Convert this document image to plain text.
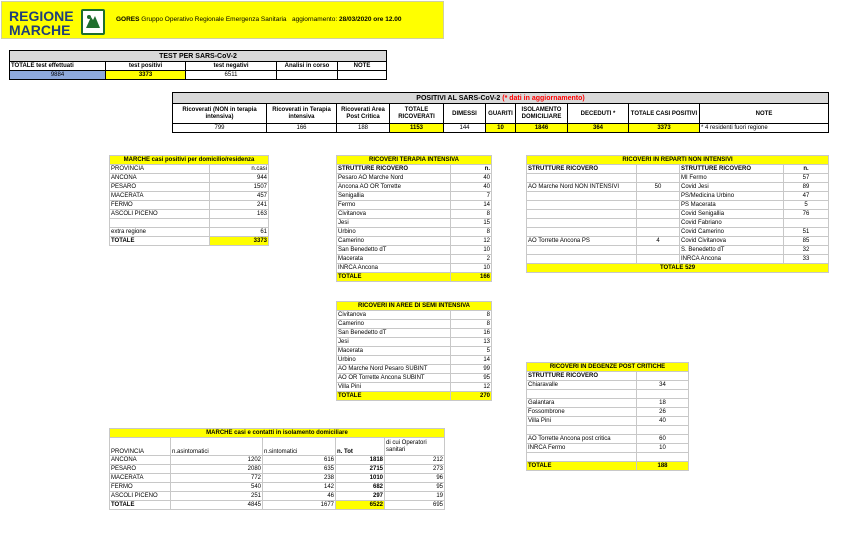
REGIONE
MARCHE
GORES Gruppo Operativo Regionale Emergenza Sanitaria aggiornamento: 28/03/2020 ore 12.00
TEST PER SARS-CoV-2				
TOTALE test effettuati	test positivi	test negativi	Analisi in corso	NOTE
9884	3373	6511		
POSITIVI AL SARS-CoV-2 (* dati in aggiornamento)									
Ricoverati (NON in terapia intensiva)	Ricoverati in Terapia intensiva	Ricoverati Area Post Critica	TOTALE RICOVERATI	DIMESSI	GUARITI	ISOLAMENTO DOMICILIARE	DECEDUTI *	TOTALE CASI POSITIVI	NOTE
799	166	188	1153	144	10	1846	364	3373	* 4 residenti fuori regione
MARCHE casi positivi per domicilio/residenza	
PROVINCIA	n.casi
ANCONA	944
PESARO	1507
MACERATA	457
FERMO	241
ASCOLI PICENO	163

extra regione	61
TOTALE	3373
RICOVERI TERAPIA INTENSIVA	
STRUTTURE RICOVERO	n.
Pesaro AO Marche Nord	40
Ancona AO OR Torrette	40
Senigallia	7
Fermo	14
Civitanova	8
Jesi	15
Urbino	8
Camerino	12
San Benedetto dT	10
Macerata	2
INRCA Ancona	10
TOTALE	166
RICOVERI IN AREE DI SEMI INTENSIVA	
Civitanova	8
Camerino	8
San Benedetto dT	16
Jesi	13
Macerata	5
Urbino	14
AO Marche Nord Pesaro SUBINT	99
AO OR Torrette Ancona SUBINT	95
Villa Pini	12
TOTALE	270
RICOVERI IN REPARTI NON INTENSIVI			
STRUTTURE RICOVERO		STRUTTURE RICOVERO	n.
		MI Fermo	57
AO Marche Nord NON INTENSIVI	50	Covid Jesi	89
		PS/Medicina Urbino	47
		PS Macerata	5
		Covid Senigallia	76
		Covid Fabriano	
		Covid Camerino	51
AO Torrette Ancona PS	4	Covid Civitanova	85
		S. Benedetto dT	32
		INRCA Ancona	33
TOTALE 529			
RICOVERI IN DEGENZE POST CRITICHE	
STRUTTURE RICOVERO	
Chiaravalle	34

Galantara	18
Fossombrone	26
Villa Pini	40

AO Torrette Ancona post critica	60
INRCA Fermo	10

TOTALE	188
MARCHE casi e contatti in isolamento domiciliare				
PROVINCIA	n.asintomatici	n.sintomatici	n. Tot	di cui Operatori sanitari
ANCONA	1202	616	1818	212
PESARO	2080	635	2715	273
MACERATA	772	238	1010	96
FERMO	540	142	682	95
ASCOLI PICENO	251	46	297	19
TOTALE	4845	1677	6522	695
